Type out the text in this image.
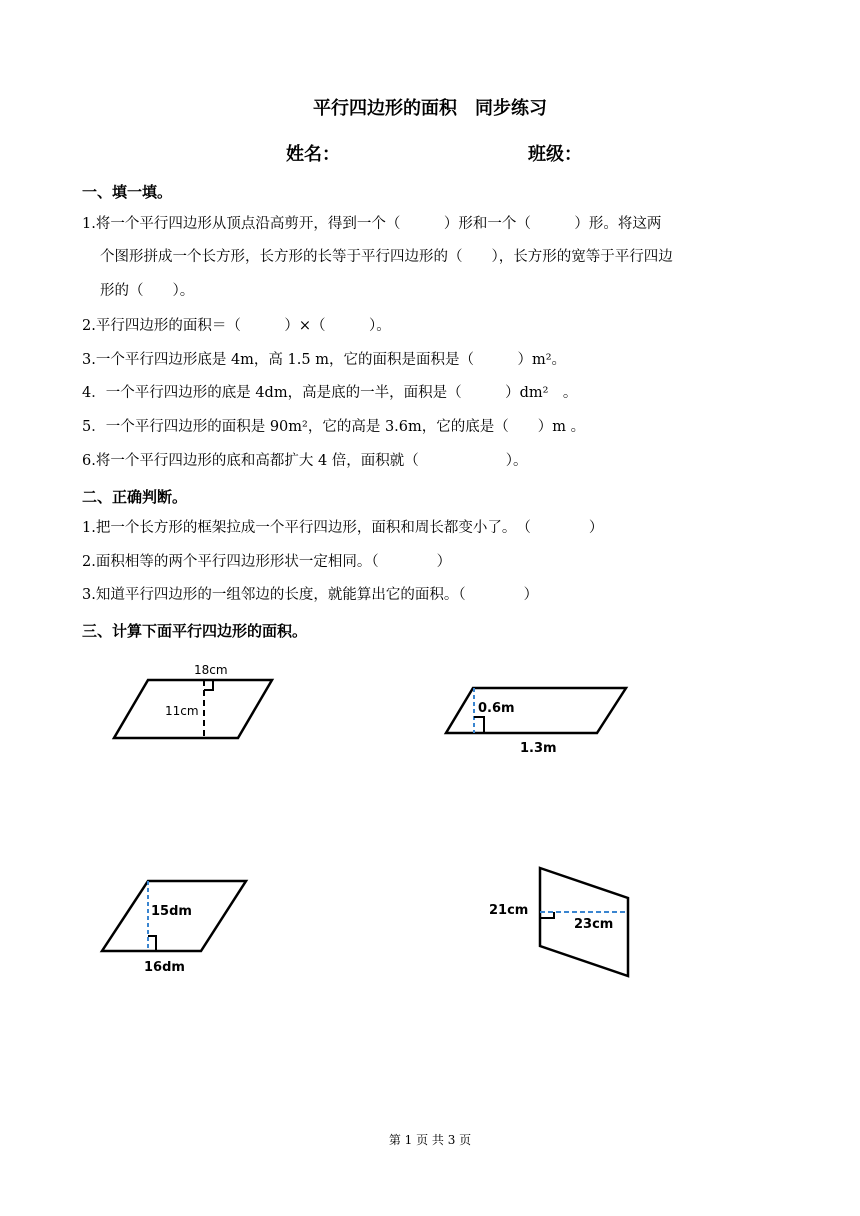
平行四边形的面积　同步练习
姓名：	班级：
一、填一填。
1.将一个平行四边形从顶点沿高剪开，得到一个（　　　）形和一个（　　　）形。将这两
个图形拼成一个长方形，长方形的长等于平行四边形的（　　），长方形的宽等于平行四边
形的（　　）。
2.平行四边形的面积＝（　　　）×（　　　）。
3.一个平行四边形底是 4m，高 1.5 m，它的面积是面积是（　　　）m²。
4．一个平行四边形的底是 4dm，高是底的一半，面积是（　　　）dm²　。
5．一个平行四边形的面积是 90m²，它的高是 3.6m，它的底是（　　）m 。
6.将一个平行四边形的底和高都扩大 4 倍，面积就（　　　　　　）。
二、正确判断。
1.把一个长方形的框架拉成一个平行四边形，面积和周长都变小了。　（　　　　）
2.面积相等的两个平行四边形形状一定相同。（　　　　）
3.知道平行四边形的一组邻边的长度，就能算出它的面积。（　　　　）
三、计算下面平行四边形的面积。
18cm
11cm	0.6m
1.3m
15dm
16dm
21cm
23cm
第 1 页 共 3 页
